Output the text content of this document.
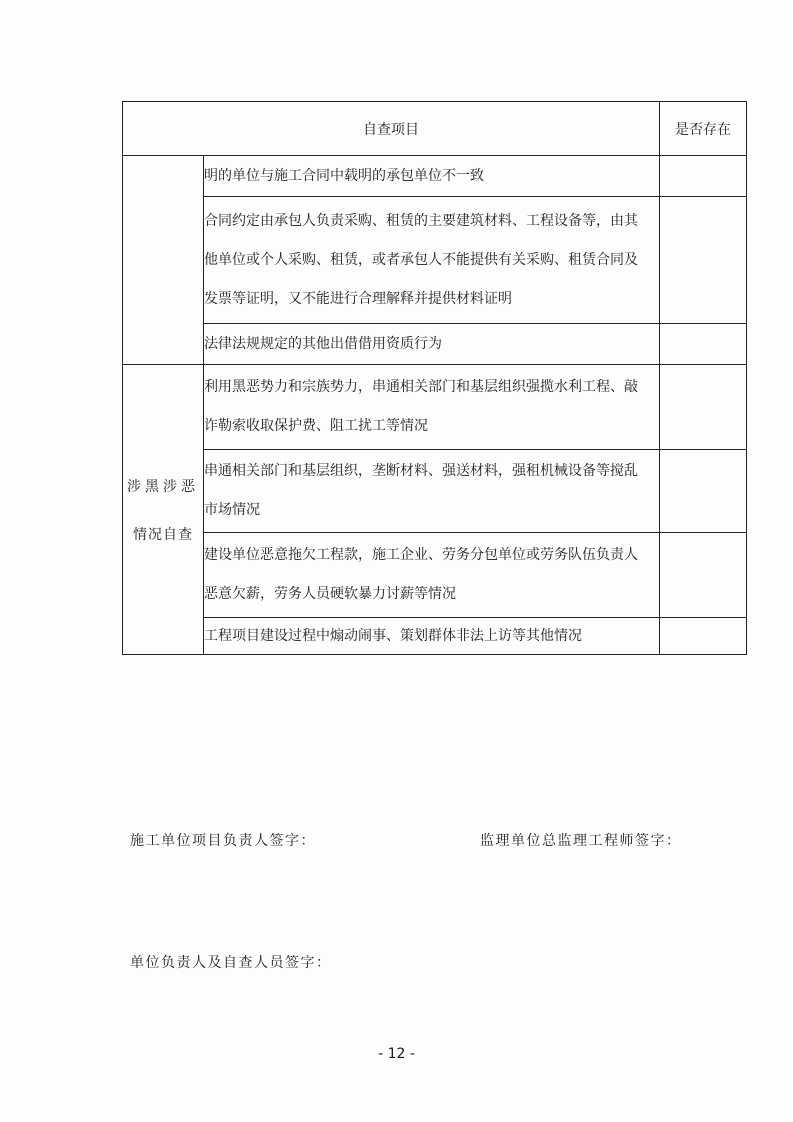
自查项目		是否存在

	明的单位与施工合同中载明的承包单位不一致	

	合同约定由承包人负责采购、租赁的主要建筑材料、工程设备等，由其
他单位或个人采购、租赁，或者承包人不能提供有关采购、租赁合同及
发票等证明，又不能进行合理解释并提供材料证明	

	法律法规规定的其他出借借用资质行为	

涉黑涉恶
情况自查	利用黑恶势力和宗族势力，串通相关部门和基层组织强揽水利工程、敲
诈勒索收取保护费、阻工扰工等情况	

	串通相关部门和基层组织，垄断材料、强送材料，强租机械设备等搅乱
市场情况	

	建设单位恶意拖欠工程款，施工企业、劳务分包单位或劳务队伍负责人
恶意欠薪，劳务人员硬软暴力讨薪等情况	

	工程项目建设过程中煽动闹事、策划群体非法上访等其他情况	

施工单位项目负责人签字：	监理单位总监理工程师签字：
单位负责人及自查人员签字：
- 12 -
